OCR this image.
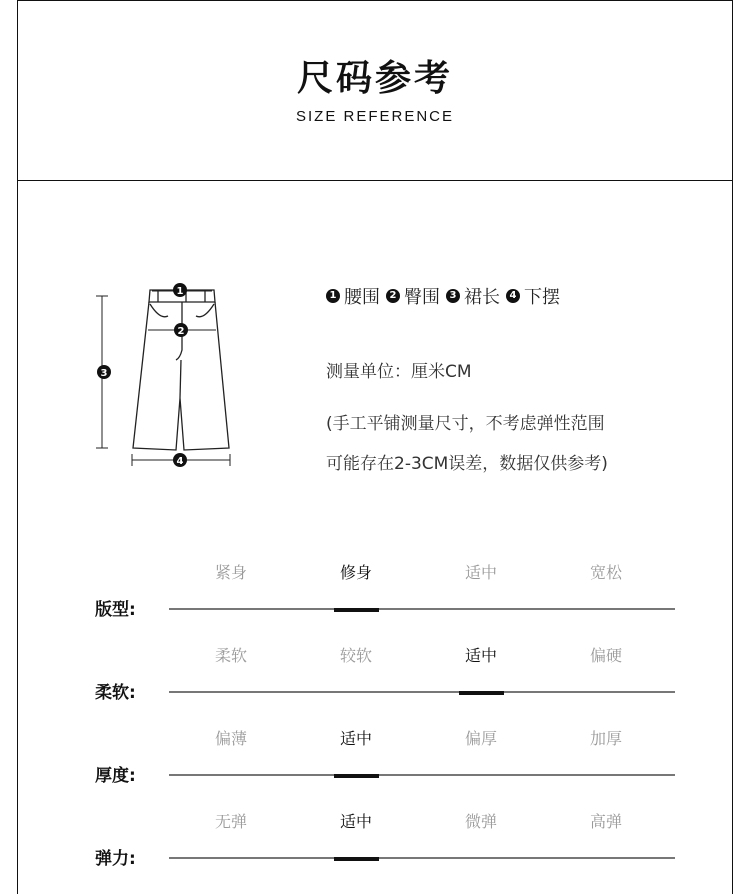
尺码参考
SIZE REFERENCE
1
2
3
4
1 腰围 2 臀围 3 裙长 4 下摆
测量单位：厘米CM
(手工平铺测量尺寸，不考虑弹性范围
可能存在2-3CM误差，数据仅供参考)
版型:
紧身	修身	适中	宽松
柔软:
柔软	较软	适中	偏硬
厚度:
偏薄	适中	偏厚	加厚
弹力:
无弹	适中	微弹	高弹
